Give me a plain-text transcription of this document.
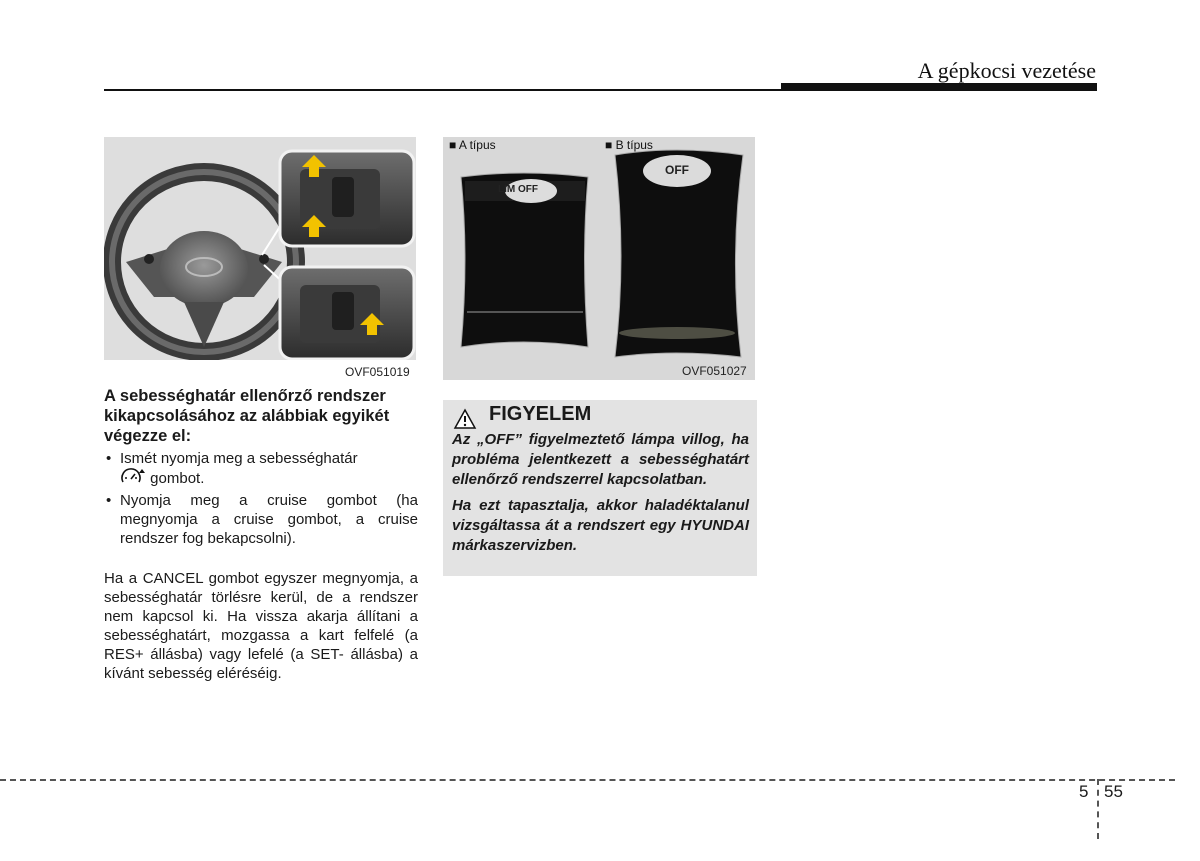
A gépkocsi vezetése
OVF051019
■ A típus	■ B típus
LIM OFF
OFF
OVF051027
A sebességhatár ellenőrző rendszer kikapcsolásához az alábbiak egyikét végezze el:
• Ismét nyomja meg a sebességhatár
gombot.
• Nyomja meg a cruise gombot (ha megnyomja a cruise gombot, a cruise rendszer fog bekapcsolni).
Ha a CANCEL gombot egyszer megnyomja, a sebességhatár törlésre kerül, de a rendszer nem kapcsol ki. Ha vissza akarja állítani a sebességhatárt, mozgassa a kart felfelé (a RES+ állásba) vagy lefelé (a SET- állásba) a kívánt sebesség eléréséig.
FIGYELEM

Az „OFF” figyelmeztető lámpa villog, ha probléma jelentkezett a sebességhatárt ellenőrző rendszerrel kapcsolatban.

Ha ezt tapasztalja, akkor haladéktalanul vizsgáltassa át a rendszert egy HYUNDAI márkaszervizben.

5 55
